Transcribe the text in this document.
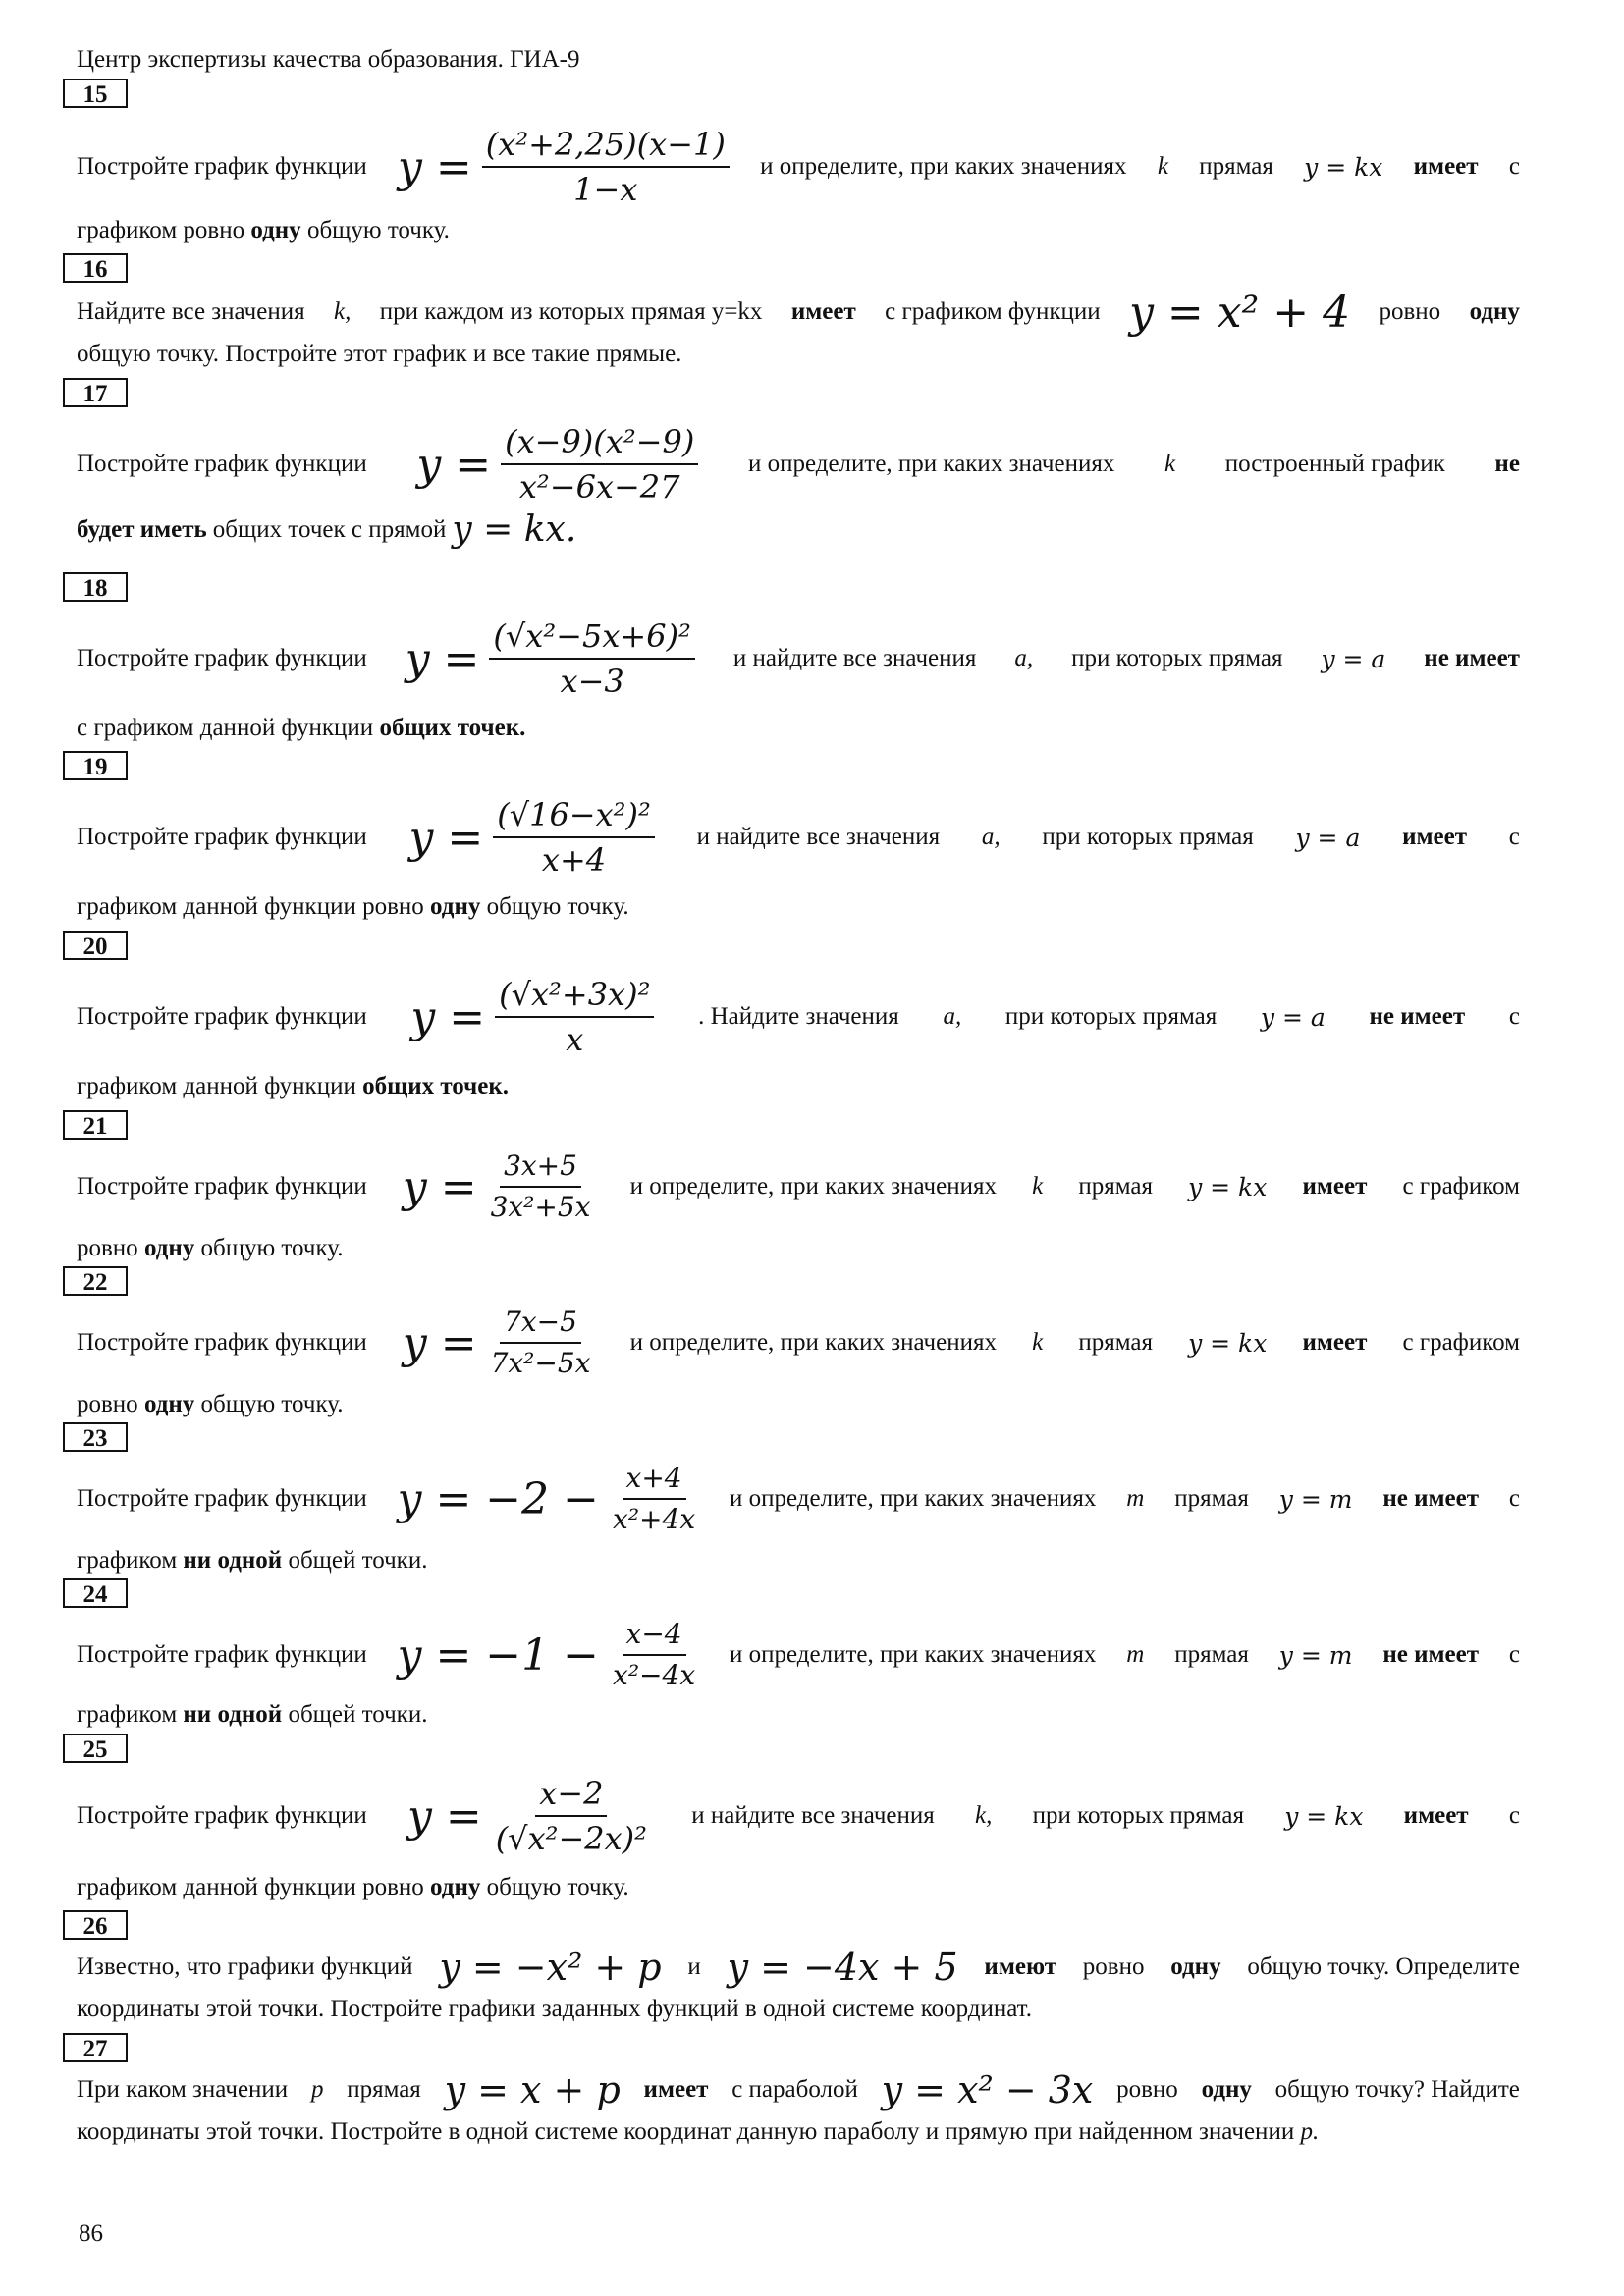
Центр экспертизы качества образования. ГИА-9
15
Постройте график функции $y = \frac{\text{(x²+2,25)(x−1)}}{1-x}$ и определите, при каких значениях k прямая y = kx имеет с
графиком ровно одну общую точку.
16
Найдите все значения k, при каждом из которых прямая y=kx имеет с графиком функции y = x² + 4 ровно одну
общую точку. Постройте этот график и все такие прямые.
17
Постройте график функции $y = \frac{\text{(x−9)(x²−9)}}{\text{x²−6x−27}}$ и определите, при каких значениях k построенный график не
будет иметь общих точек с прямой y = kx.
18
Постройте график функции $y = \frac{\text{(√x²−5x+6)²}}{x-3}$ и найдите все значения a, при которых прямая y = a не имеет
с графиком данной функции общих точек.
19
Постройте график функции $y = \frac{\text{(√16−x²)²}}{x+4}$ и найдите все значения a, при которых прямая y = a имеет с
графиком данной функции ровно одну общую точку.
20
Постройте график функции $y = \frac{\text{(√x²+3x)²}}{x}$ . Найдите значения a, при которых прямая y = a не имеет с
графиком данной функции общих точек.
21
Постройте график функции $y = \frac{3x+5}{\text{3x²+5x}}$ и определите, при каких значениях k прямая y = kx имеет с графиком
ровно одну общую точку.
22
Постройте график функции $y = \frac{7x-5}{\text{7x²−5x}}$ и определите, при каких значениях k прямая y = kx имеет с графиком
ровно одну общую точку.
23
Постройте график функции $y = -2 - \frac{x+4}{\text{x²+4x}}$ и определите, при каких значениях m прямая y = m не имеет с
графиком ни одной общей точки.
24
Постройте график функции $y = -1 - \frac{x-4}{\text{x²−4x}}$ и определите, при каких значениях m прямая y = m не имеет с
графиком ни одной общей точки.
25
Постройте график функции $y = \frac{x-2}{\text{(√x²−2x)²}}$ и найдите все значения k, при которых прямая y = kx имеет с
графиком данной функции ровно одну общую точку.
26
Известно, что графики функций y = −x² + p и y = −4x + 5 имеют ровно одну общую точку. Определите
координаты этой точки. Постройте графики заданных функций в одной системе координат.
27
При каком значении p прямая y = x + p имеет с параболой y = x² − 3x ровно одну общую точку? Найдите
координаты этой точки. Постройте в одной системе координат данную параболу и прямую при найденном значении p.
86
